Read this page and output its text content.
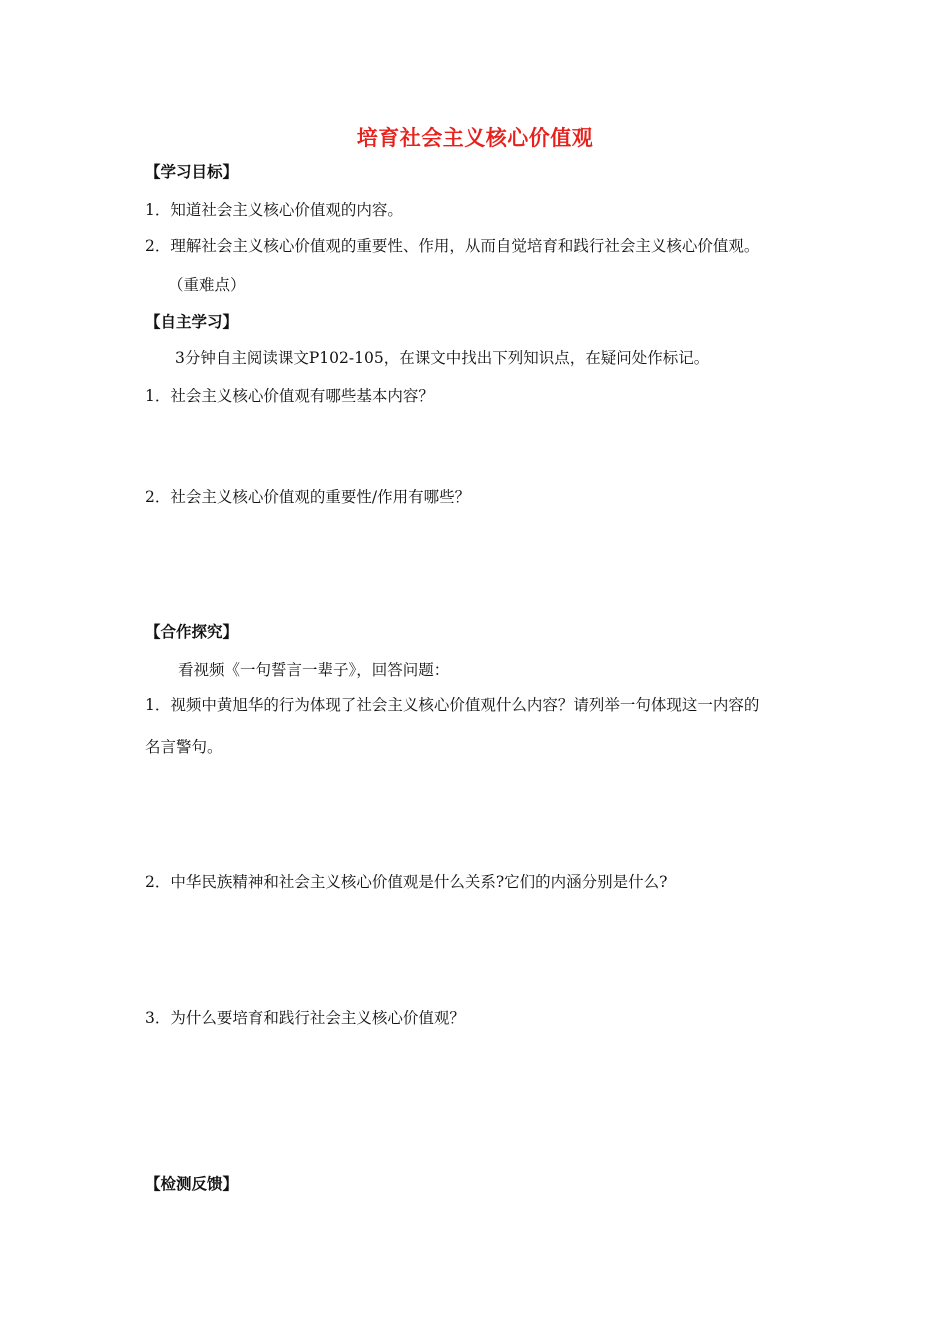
培育社会主义核心价值观
【学习目标】
1．知道社会主义核心价值观的内容。
2．理解社会主义核心价值观的重要性、作用，从而自觉培育和践行社会主义核心价值观。
（重难点）
【自主学习】
3分钟自主阅读课文P102-105，在课文中找出下列知识点，在疑问处作标记。
1．社会主义核心价值观有哪些基本内容？
2．社会主义核心价值观的重要性/作用有哪些？
【合作探究】
看视频《一句誓言一辈子》，回答问题：
1．视频中黄旭华的行为体现了社会主义核心价值观什么内容？请列举一句体现这一内容的
名言警句。
2．中华民族精神和社会主义核心价值观是什么关系?它们的内涵分别是什么?
3．为什么要培育和践行社会主义核心价值观？
【检测反馈】
